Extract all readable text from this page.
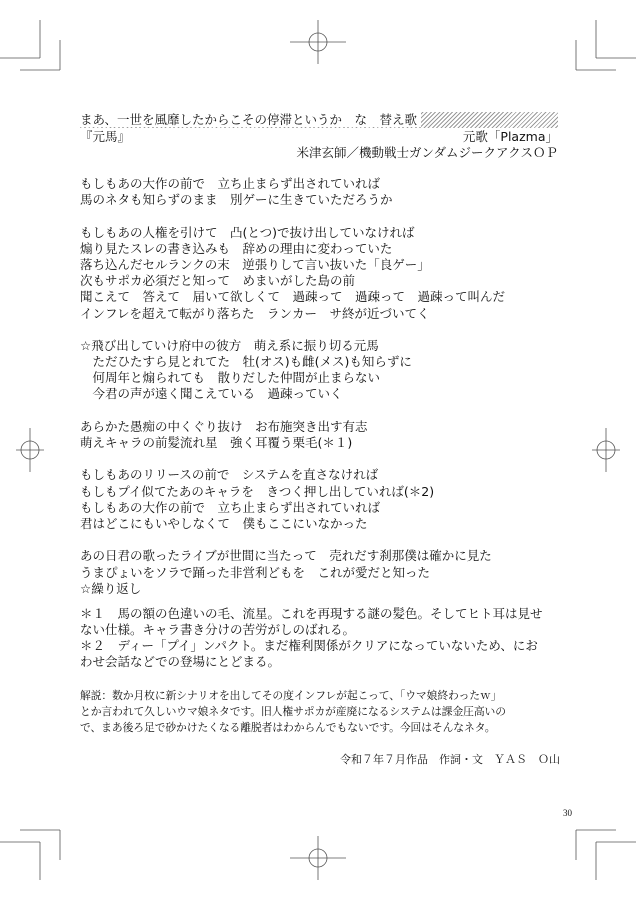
まあ、一世を風靡したからこその停滞というか　な　替え歌
『元馬』	元歌「Plazma」
米津玄師／機動戦士ガンダムジークアクスＯＰ
もしもあの大作の前で　立ち止まらず出されていれば
馬のネタも知らずのまま　別ゲーに生きていただろうか
もしもあの人権を引けて　凸(とつ)で抜け出していなければ
煽り見たスレの書き込みも　辞めの理由に変わっていた
落ち込んだセルランクの末　逆張りして言い抜いた「良ゲー」
次もサポカ必須だと知って　めまいがした島の前
聞こえて　答えて　届いて欲しくて　過疎って　過疎って　過疎って叫んだ
インフレを超えて転がり落ちた　ランカー　サ終が近づいてく
☆飛び出していけ府中の彼方　萌え系に振り切る元馬
　ただひたすら見とれてた　牡(オス)も雌(メス)も知らずに
　何周年と煽られても　散りだした仲間が止まらない
　今君の声が遠く聞こえている　過疎っていく
あらかた愚痴の中くぐり抜け　お布施突き出す有志
萌えキャラの前髪流れ星　強く耳覆う栗毛(＊１)
もしもあのリリースの前で　システムを直さなければ
もしもプイ似てたあのキャラを　きつく押し出していれば(＊2)
もしもあの大作の前で　立ち止まらず出されていれば
君はどこにもいやしなくて　僕もここにいなかった
あの日君の歌ったライブが世間に当たって　売れだす刹那僕は確かに見た
うまぴょいをソラで踊った非営利どもを　これが愛だと知った
☆繰り返し
＊１　馬の額の色違いの毛、流星。これを再現する謎の髪色。そしてヒト耳は見せ
ない仕様。キャラ書き分けの苦労がしのばれる。
＊２　ディー「プイ」ンパクト。まだ権利関係がクリアになっていないため、にお
わせ会話などでの登場にとどまる。
解説：数か月枚に新シナリオを出してその度インフレが起こって、「ウマ娘終わったｗ」
とか言われて久しいウマ娘ネタです。旧人権サポカが産廃になるシステムは課金圧高いの
で、まあ後ろ足で砂かけたくなる離脱者はわからんでもないです。今回はそんなネタ。
令和７年７月作品　作詞・文　ＹＡＳ　Ｏ山
30
